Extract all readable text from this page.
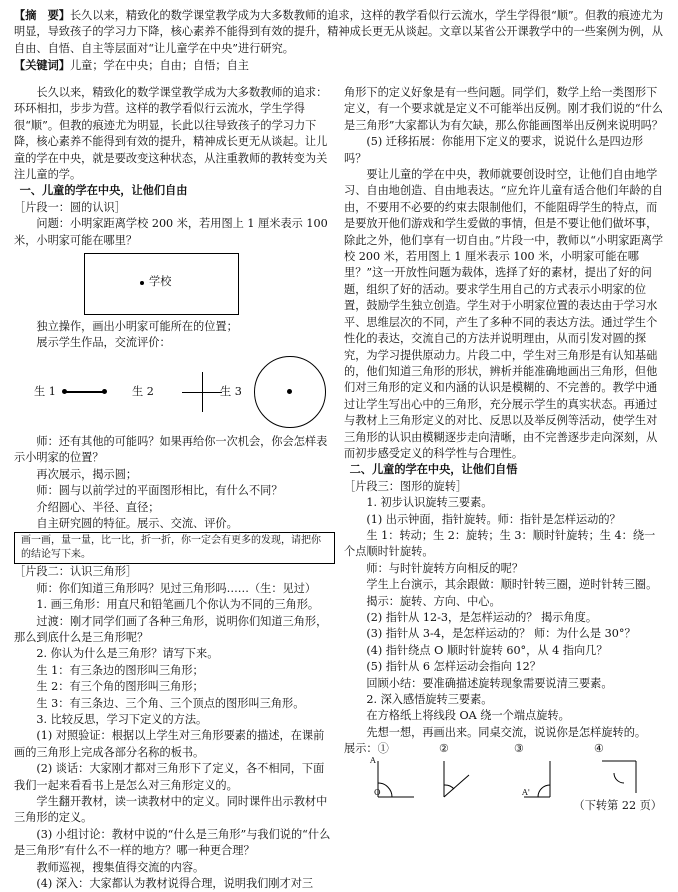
【摘　要】长久以来，精致化的数学课堂教学成为大多数教师的追求，这样的教学看似行云流水，学生学得很“顺”。但教的痕迹尤为明显，导致孩子的学习力下降，核心素养不能得到有效的提升，精神成长更无从谈起。文章以某省公开课教学中的一些案例为例，从自由、自悟、自主等层面对“让儿童学在中央”进行研究。

【关键词】儿童；学在中央；自由；自悟；自主

长久以来，精致化的数学课堂教学成为大多数教师的追求：环环相扣，步步为营。这样的教学看似行云流水，学生学得很“顺”。但教的痕迹尤为明显，长此以往导致孩子的学习力下降，核心素养不能得到有效的提升，精神成长更无从谈起。让儿童的学在中央，就是要改变这种状态，从注重教师的教转变为关注儿童的学。

一、儿童的学在中央，让他们自由

［片段一：圆的认识］

问题：小明家距离学校 200 米，若用图上 1 厘米表示 100 米，小明家可能在哪里？

学校

独立操作，画出小明家可能所在的位置；

展示学生作品，交流评价：

生 1	生 2	生 3

师：还有其他的可能吗？如果再给你一次机会，你会怎样表示小明家的位置？

再次展示，揭示圆；

师：圆与以前学过的平面图形相比，有什么不同？

介绍圆心、半径、直径；

自主研究圆的特征。展示、交流、评价。

画一画，量一量，比一比，折一折，你一定会有更多的发现，请把你的结论写下来。

［片段二：认识三角形］

师：你们知道三角形吗？见过三角形吗……（生：见过）

1. 画三角形：用直尺和铅笔画几个你认为不同的三角形。

过渡：刚才同学们画了各种三角形，说明你们知道三角形，那么到底什么是三角形呢？

2. 你认为什么是三角形？请写下来。

生 1：有三条边的图形叫三角形；

生 2：有三个角的图形叫三角形；

生 3：有三条边、三个角、三个顶点的图形叫三角形。

3. 比较反思，学习下定义的方法。

(1) 对照验证：根据以上学生对三角形要素的描述，在课前画的三角形上完成各部分名称的板书。

(2) 谈话：大家刚才都对三角形下了定义，各不相同，下面我们一起来看看书上是怎么对三角形定义的。

学生翻开教材，读一读教材中的定义。同时课件出示教材中三角形的定义。

(3) 小组讨论：教材中说的“什么是三角形”与我们说的“什么是三角形”有什么不一样的地方？哪一种更合理？

教师巡视，搜集值得交流的内容。

(4) 深入：大家都认为教材说得合理，说明我们刚才对三

角形下的定义好象是有一些问题。同学们，数学上给一类图形下定义，有一个要求就是定义不可能举出反例。刚才我们说的“什么是三角形”大家都认为有欠缺，那么你能画图举出反例来说明吗？

(5) 迁移拓展：你能用下定义的要求，说说什么是四边形吗？

要让儿童的学在中央，教师就要创设时空，让他们自由地学习、自由地创造、自由地表达。“应允许儿童有适合他们年龄的自由，不要用不必要的约束去限制他们，不能阻碍学生的特点，而是要放开他们游戏和学生爱做的事情，但是不要让他们做坏事，除此之外，他们享有一切自由。”片段一中，教师以“小明家距离学校 200 米，若用图上 1 厘米表示 100 米，小明家可能在哪里？”这一开放性问题为载体，选择了好的素材，提出了好的问题，组织了好的活动。要求学生用自己的方式表示小明家的位置，鼓励学生独立创造。学生对于小明家位置的表达由于学习水平、思维层次的不同，产生了多种不同的表达方法。通过学生个性化的表达，交流自己的方法并说明理由，从而引发对圆的探究，为学习提供原动力。片段二中，学生对三角形是有认知基础的，他们知道三角形的形状，辨析并能准确地画出三角形，但他们对三角形的定义和内涵的认识是模糊的、不完善的。教学中通过让学生写出心中的三角形，充分展示学生的真实状态。再通过与教材上三角形定义的对比、反思以及举反例等活动，使学生对三角形的认识由模糊逐步走向清晰，由不完善逐步走向深刻，从而初步感受定义的科学性与合理性。

二、儿童的学在中央，让他们自悟

［片段三：图形的旋转］

1. 初步认识旋转三要素。

(1) 出示钟面，指针旋转。师：指针是怎样运动的？

生 1：转动；生 2：旋转；生 3：顺时针旋转；生 4：绕一个点顺时针旋转。

师：与时针旋转方向相反的呢？

学生上台演示，其余跟做：顺时针转三圈，逆时针转三圈。

揭示：旋转、方向、中心。

(2) 指针从 12-3，是怎样运动的？ 揭示角度。

(3) 指针从 3-4，是怎样运动的？ 师：为什么是 30°？

(4) 指针绕点 O 顺时针旋转 60°，从 4 指向几？

(5) 指针从 6 怎样运动会指向 12？

回顾小结：要准确描述旋转现象需要说清三要素。

2. 深入感悟旋转三要素。

在方格纸上将线段 OA 绕一个端点旋转。

先想一想，再画出来。同桌交流，说说你是怎样旋转的。

展示：①	②	③	④
A
O	A'
（下转第 22 页）
